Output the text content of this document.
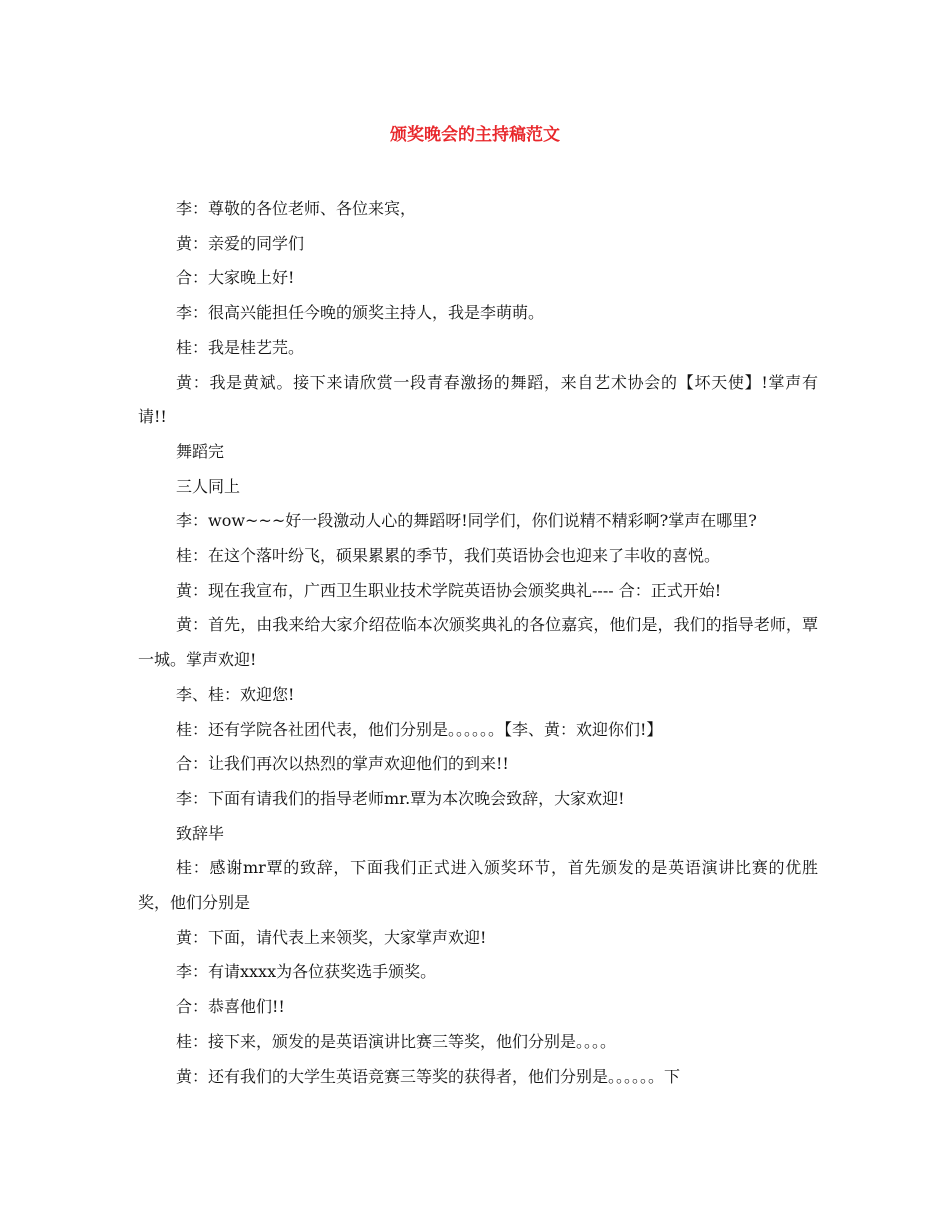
颁奖晚会的主持稿范文

李：尊敬的各位老师、各位来宾，

黄：亲爱的同学们

合：大家晚上好!

李：很高兴能担任今晚的颁奖主持人，我是李萌萌。

桂：我是桂艺芫。

黄：我是黄斌。接下来请欣赏一段青春激扬的舞蹈，来自艺术协会的【坏天使】!掌声有请!!

舞蹈完

三人同上

李：wow~~~好一段激动人心的舞蹈呀!同学们，你们说精不精彩啊?掌声在哪里?

桂：在这个落叶纷飞，硕果累累的季节，我们英语协会也迎来了丰收的喜悦。

黄：现在我宣布，广西卫生职业技术学院英语协会颁奖典礼---- 合：正式开始!

黄：首先，由我来给大家介绍莅临本次颁奖典礼的各位嘉宾，他们是，我们的指导老师，覃一城。掌声欢迎!

李、桂：欢迎您!

桂：还有学院各社团代表，他们分别是。。。。。。【李、黄：欢迎你们!】

合：让我们再次以热烈的掌声欢迎他们的到来!!

李：下面有请我们的指导老师mr.覃为本次晚会致辞，大家欢迎!

致辞毕

桂：感谢mr覃的致辞，下面我们正式进入颁奖环节，首先颁发的是英语演讲比赛的优胜奖，他们分别是

黄：下面，请代表上来领奖，大家掌声欢迎!

李：有请xxxx为各位获奖选手颁奖。

合：恭喜他们!!

桂：接下来，颁发的是英语演讲比赛三等奖，他们分别是。。。。

黄：还有我们的大学生英语竞赛三等奖的获得者，他们分别是。。。。。。下
